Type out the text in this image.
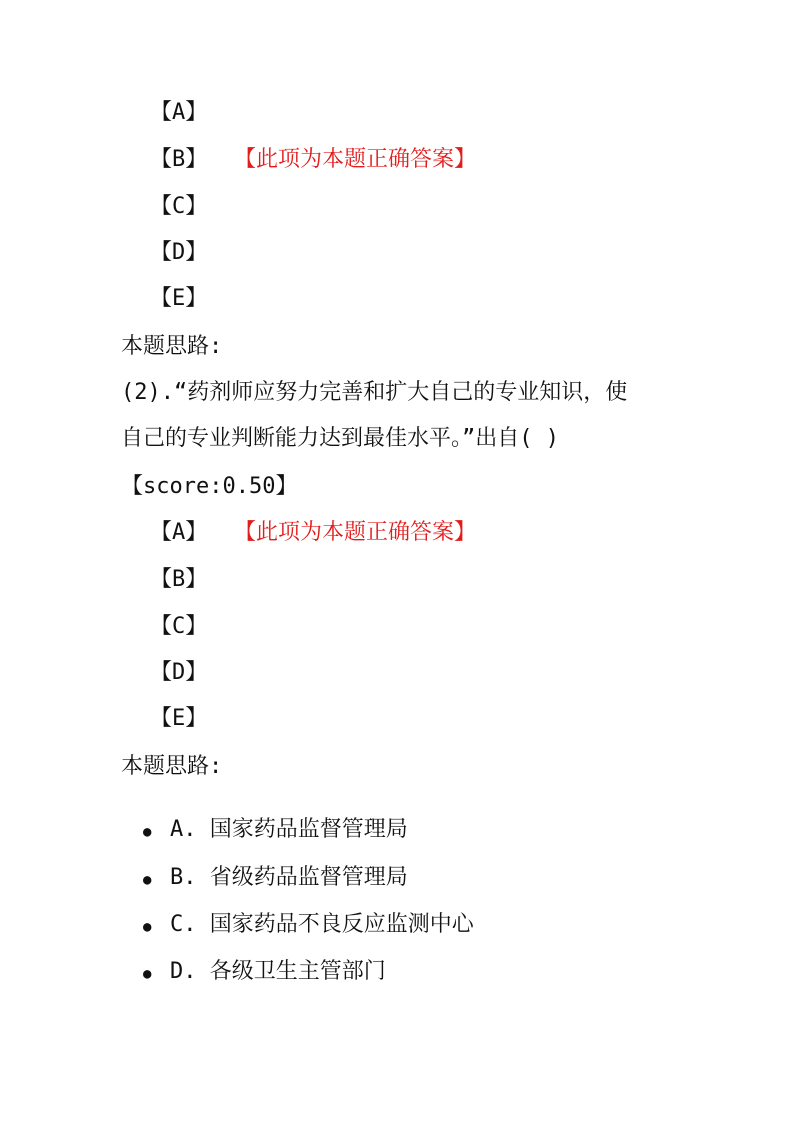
【A】
【B】 【此项为本题正确答案】
【C】
【D】
【E】
本题思路:
(2).“药剂师应努力完善和扩大自己的专业知识，使
自己的专业判断能力达到最佳水平。”出自( )
【score:0.50】
【A】 【此项为本题正确答案】
【B】
【C】
【D】
【E】
本题思路:
● A. 国家药品监督管理局
● B. 省级药品监督管理局
● C. 国家药品不良反应监测中心
● D. 各级卫生主管部门
